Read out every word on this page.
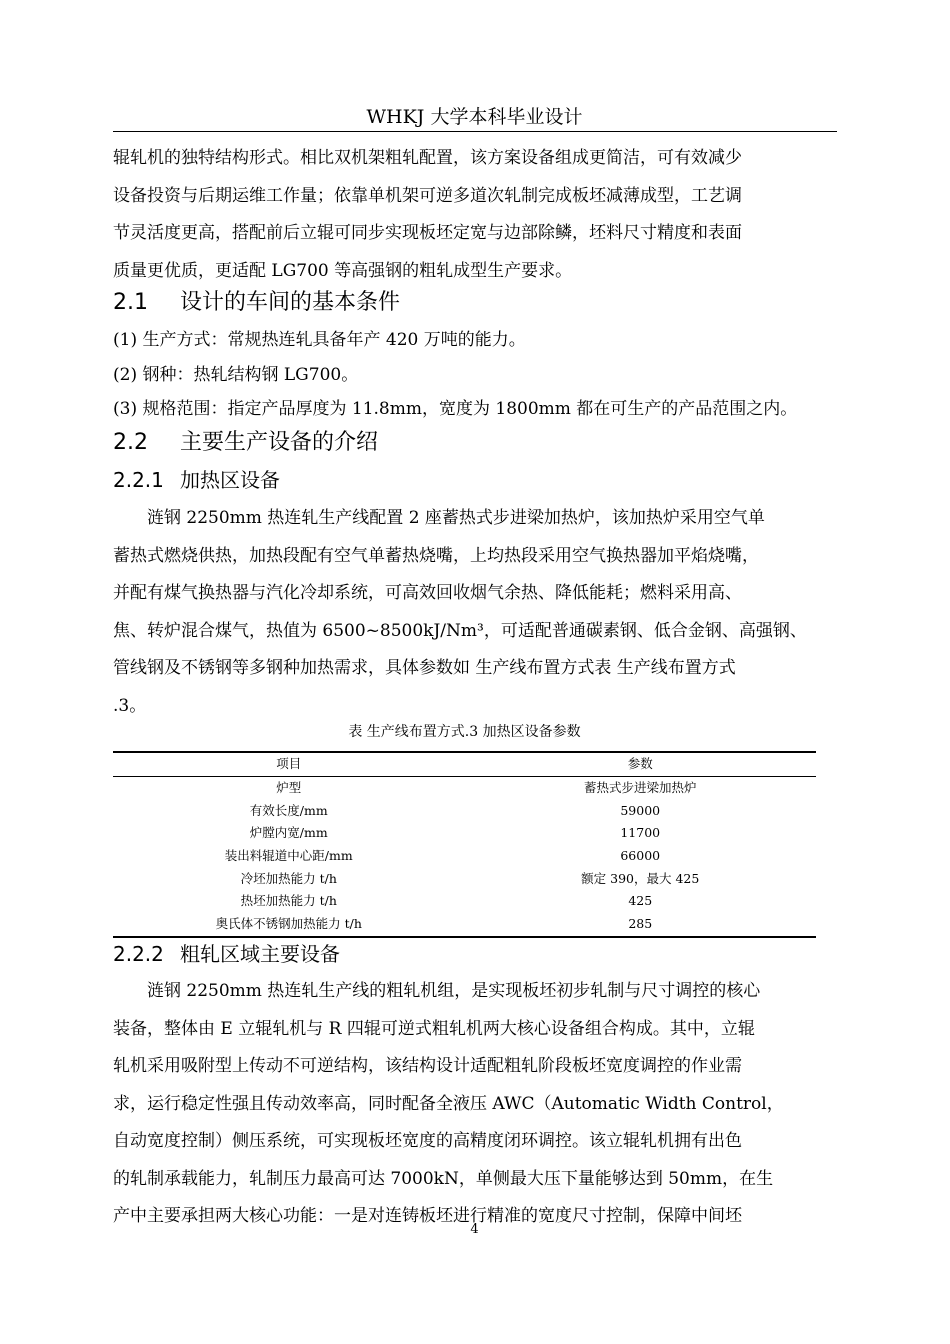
WHKJ 大学本科毕业设计
辊轧机的独特结构形式。相比双机架粗轧配置，该方案设备组成更简洁，可有效减少
设备投资与后期运维工作量；依靠单机架可逆多道次轧制完成板坯减薄成型，工艺调
节灵活度更高，搭配前后立辊可同步实现板坯定宽与边部除鳞，坯料尺寸精度和表面
质量更优质，更适配 LG700 等高强钢的粗轧成型生产要求。
2.1 设计的车间的基本条件
(1) 生产方式：常规热连轧具备年产 420 万吨的能力。
(2) 钢种：热轧结构钢 LG700。
(3) 规格范围：指定产品厚度为 11.8mm，宽度为 1800mm 都在可生产的产品范围之内。
2.2 主要生产设备的介绍
2.2.1 加热区设备
　　涟钢 2250mm 热连轧生产线配置 2 座蓄热式步进梁加热炉，该加热炉采用空气单
蓄热式燃烧供热，加热段配有空气单蓄热烧嘴，上均热段采用空气换热器加平焰烧嘴，
并配有煤气换热器与汽化冷却系统，可高效回收烟气余热、降低能耗；燃料采用高、
焦、转炉混合煤气，热值为 6500~8500kJ/Nm³，可适配普通碳素钢、低合金钢、高强钢、
管线钢及不锈钢等多钢种加热需求，具体参数如 生产线布置方式表 生产线布置方式
.3。
表 生产线布置方式.3 加热区设备参数
项目	参数
炉型	蓄热式步进梁加热炉
有效长度/mm	59000
炉膛内宽/mm	11700
装出料辊道中心距/mm	66000
冷坯加热能力 t/h	额定 390，最大 425
热坯加热能力 t/h	425
奥氏体不锈钢加热能力 t/h	285
2.2.2 粗轧区域主要设备
　　涟钢 2250mm 热连轧生产线的粗轧机组，是实现板坯初步轧制与尺寸调控的核心
装备，整体由 E 立辊轧机与 R 四辊可逆式粗轧机两大核心设备组合构成。其中，立辊
轧机采用吸附型上传动不可逆结构，该结构设计适配粗轧阶段板坯宽度调控的作业需
求，运行稳定性强且传动效率高，同时配备全液压 AWC（Automatic Width Control，
自动宽度控制）侧压系统，可实现板坯宽度的高精度闭环调控。该立辊轧机拥有出色
的轧制承载能力，轧制压力最高可达 7000kN，单侧最大压下量能够达到 50mm，在生
产中主要承担两大核心功能：一是对连铸板坯进行精准的宽度尺寸控制，保障中间坯
4
